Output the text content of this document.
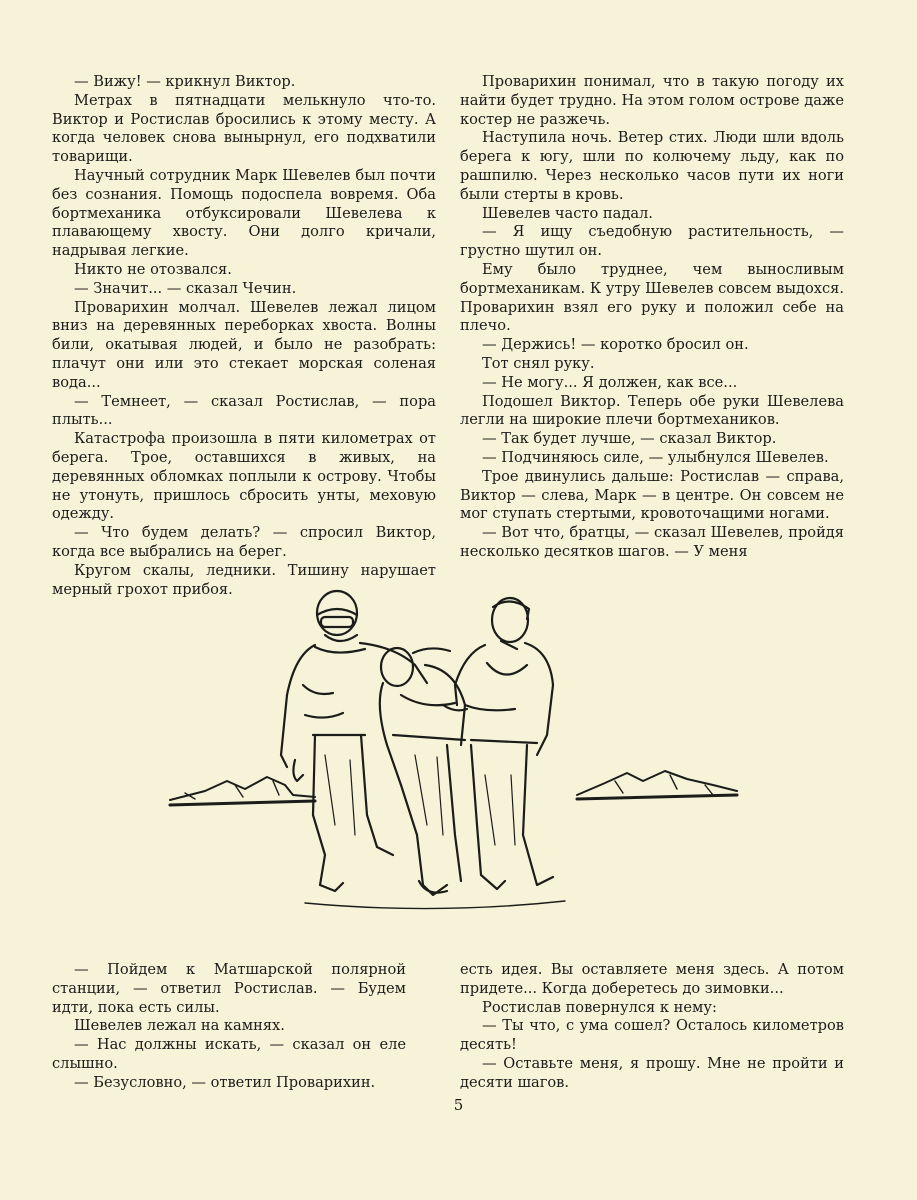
— Вижу! — крикнул Виктор.

Метрах в пятнадцати мелькнуло что-то. Виктор и Ростислав бросились к этому месту. А когда человек снова вынырнул, его подхватили товарищи.

Научный сотрудник Марк Шевелев был почти без сознания. Помощь подоспела вовремя. Оба бортмеханика отбуксировали Шевелева к плавающему хвосту. Они долго кричали, надрывая легкие.

Никто не отозвался.

— Значит... — сказал Чечин.

Проварихин молчал. Шевелев лежал лицом вниз на деревянных переборках хвоста. Волны били, окатывая людей, и было не разобрать: плачут они или это стекает морская соленая вода...

— Темнеет, — сказал Ростислав, — пора плыть...

Катастрофа произошла в пяти километрах от берега. Трое, оставшихся в живых, на деревянных обломках поплыли к острову. Чтобы не утонуть, пришлось сбросить унты, меховую одежду.

— Что будем делать? — спросил Виктор, когда все выбрались на берег.

Кругом скалы, ледники. Тишину нарушает мерный грохот прибоя.

Проварихин понимал, что в такую погоду их найти будет трудно. На этом голом острове даже костер не разжечь.

Наступила ночь. Ветер стих. Люди шли вдоль берега к югу, шли по колючему льду, как по рашпилю. Через несколько часов пути их ноги были стерты в кровь.

Шевелев часто падал.

— Я ищу съедобную растительность, — грустно шутил он.

Ему было труднее, чем выносливым бортмеханикам. К утру Шевелев совсем выдохся. Проварихин взял его руку и положил себе на плечо.

— Держись! — коротко бросил он.

Тот снял руку.

— Не могу... Я должен, как все...

Подошел Виктор. Теперь обе руки Шевелева легли на широкие плечи бортмехаников.

— Так будет лучше, — сказал Виктор.

— Подчиняюсь силе, — улыбнулся Шевелев.

Трое двинулись дальше: Ростислав — справа, Виктор — слева, Марк — в центре. Он совсем не мог ступать стертыми, кровоточащими ногами.

— Вот что, братцы, — сказал Шевелев, пройдя несколько десятков шагов. — У меня

— Пойдем к Матшарской полярной станции, — ответил Ростислав. — Будем идти, пока есть силы.

Шевелев лежал на камнях.

— Нас должны искать, — сказал он еле слышно.

— Безусловно, — ответил Проварихин.

есть идея. Вы оставляете меня здесь. А потом придете... Когда доберетесь до зимовки...

Ростислав повернулся к нему:

— Ты что, с ума сошел? Осталось километров десять!

— Оставьте меня, я прошу. Мне не пройти и десяти шагов.

5
